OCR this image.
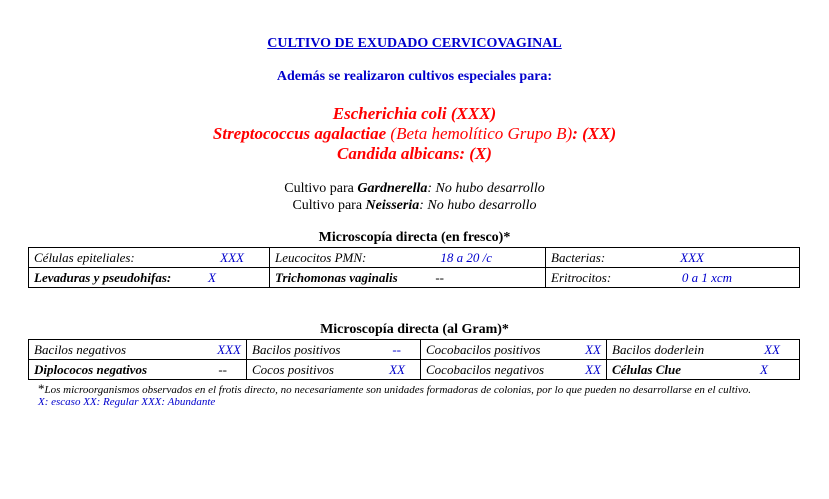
CULTIVO DE EXUDADO CERVICOVAGINAL
Además se realizaron cultivos especiales para:
Escherichia coli (XXX)
Streptococcus agalactiae (Beta hemolítico Grupo B): (XX)
Candida albicans: (X)
Cultivo para Gardnerella: No hubo desarrollo
Cultivo para Neisseria: No hubo desarrollo
Microscopía directa (en fresco)*
Células epiteliales: XXX	Leucocitos PMN: 18 a 20 /c	Bacterias: XXX

Levaduras y pseudohifas: X	Trichomonas vaginalis --	Eritrocitos: 0 a 1 xcm
Microscopía directa (al Gram)*
Bacilos negativos XXX	Bacilos positivos --	Cocobacilos positivos XX	Bacilos doderlein XX

Diplococos negativos --	Cocos positivos XX	Cocobacilos negativos XX	Células Clue X
*Los microorganismos observados en el frotis directo, no necesariamente son unidades formadoras de colonias, por lo que pueden no desarrollarse en el cultivo.
X: escaso XX: Regular XXX: Abundante
